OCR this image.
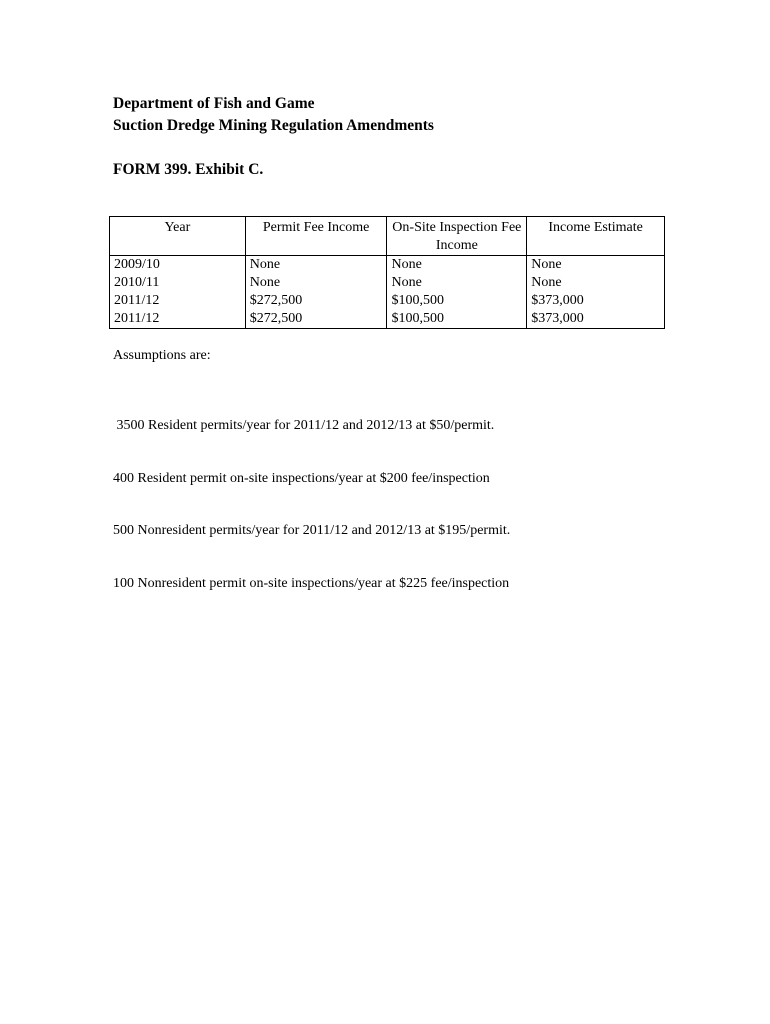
Department of Fish and Game
Suction Dredge Mining Regulation Amendments
FORM 399. Exhibit C.
Year	Permit Fee Income	On-Site Inspection Fee Income	Income Estimate
2009/10	None	None	None
2010/11	None	None	None
2011/12	$272,500	$100,500	$373,000
2011/12	$272,500	$100,500	$373,000
Assumptions are:

3500 Resident permits/year for 2011/12 and 2012/13 at $50/permit.

400 Resident permit on-site inspections/year at $200 fee/inspection

500 Nonresident permits/year for 2011/12 and 2012/13 at $195/permit.

100 Nonresident permit on-site inspections/year at $225 fee/inspection
